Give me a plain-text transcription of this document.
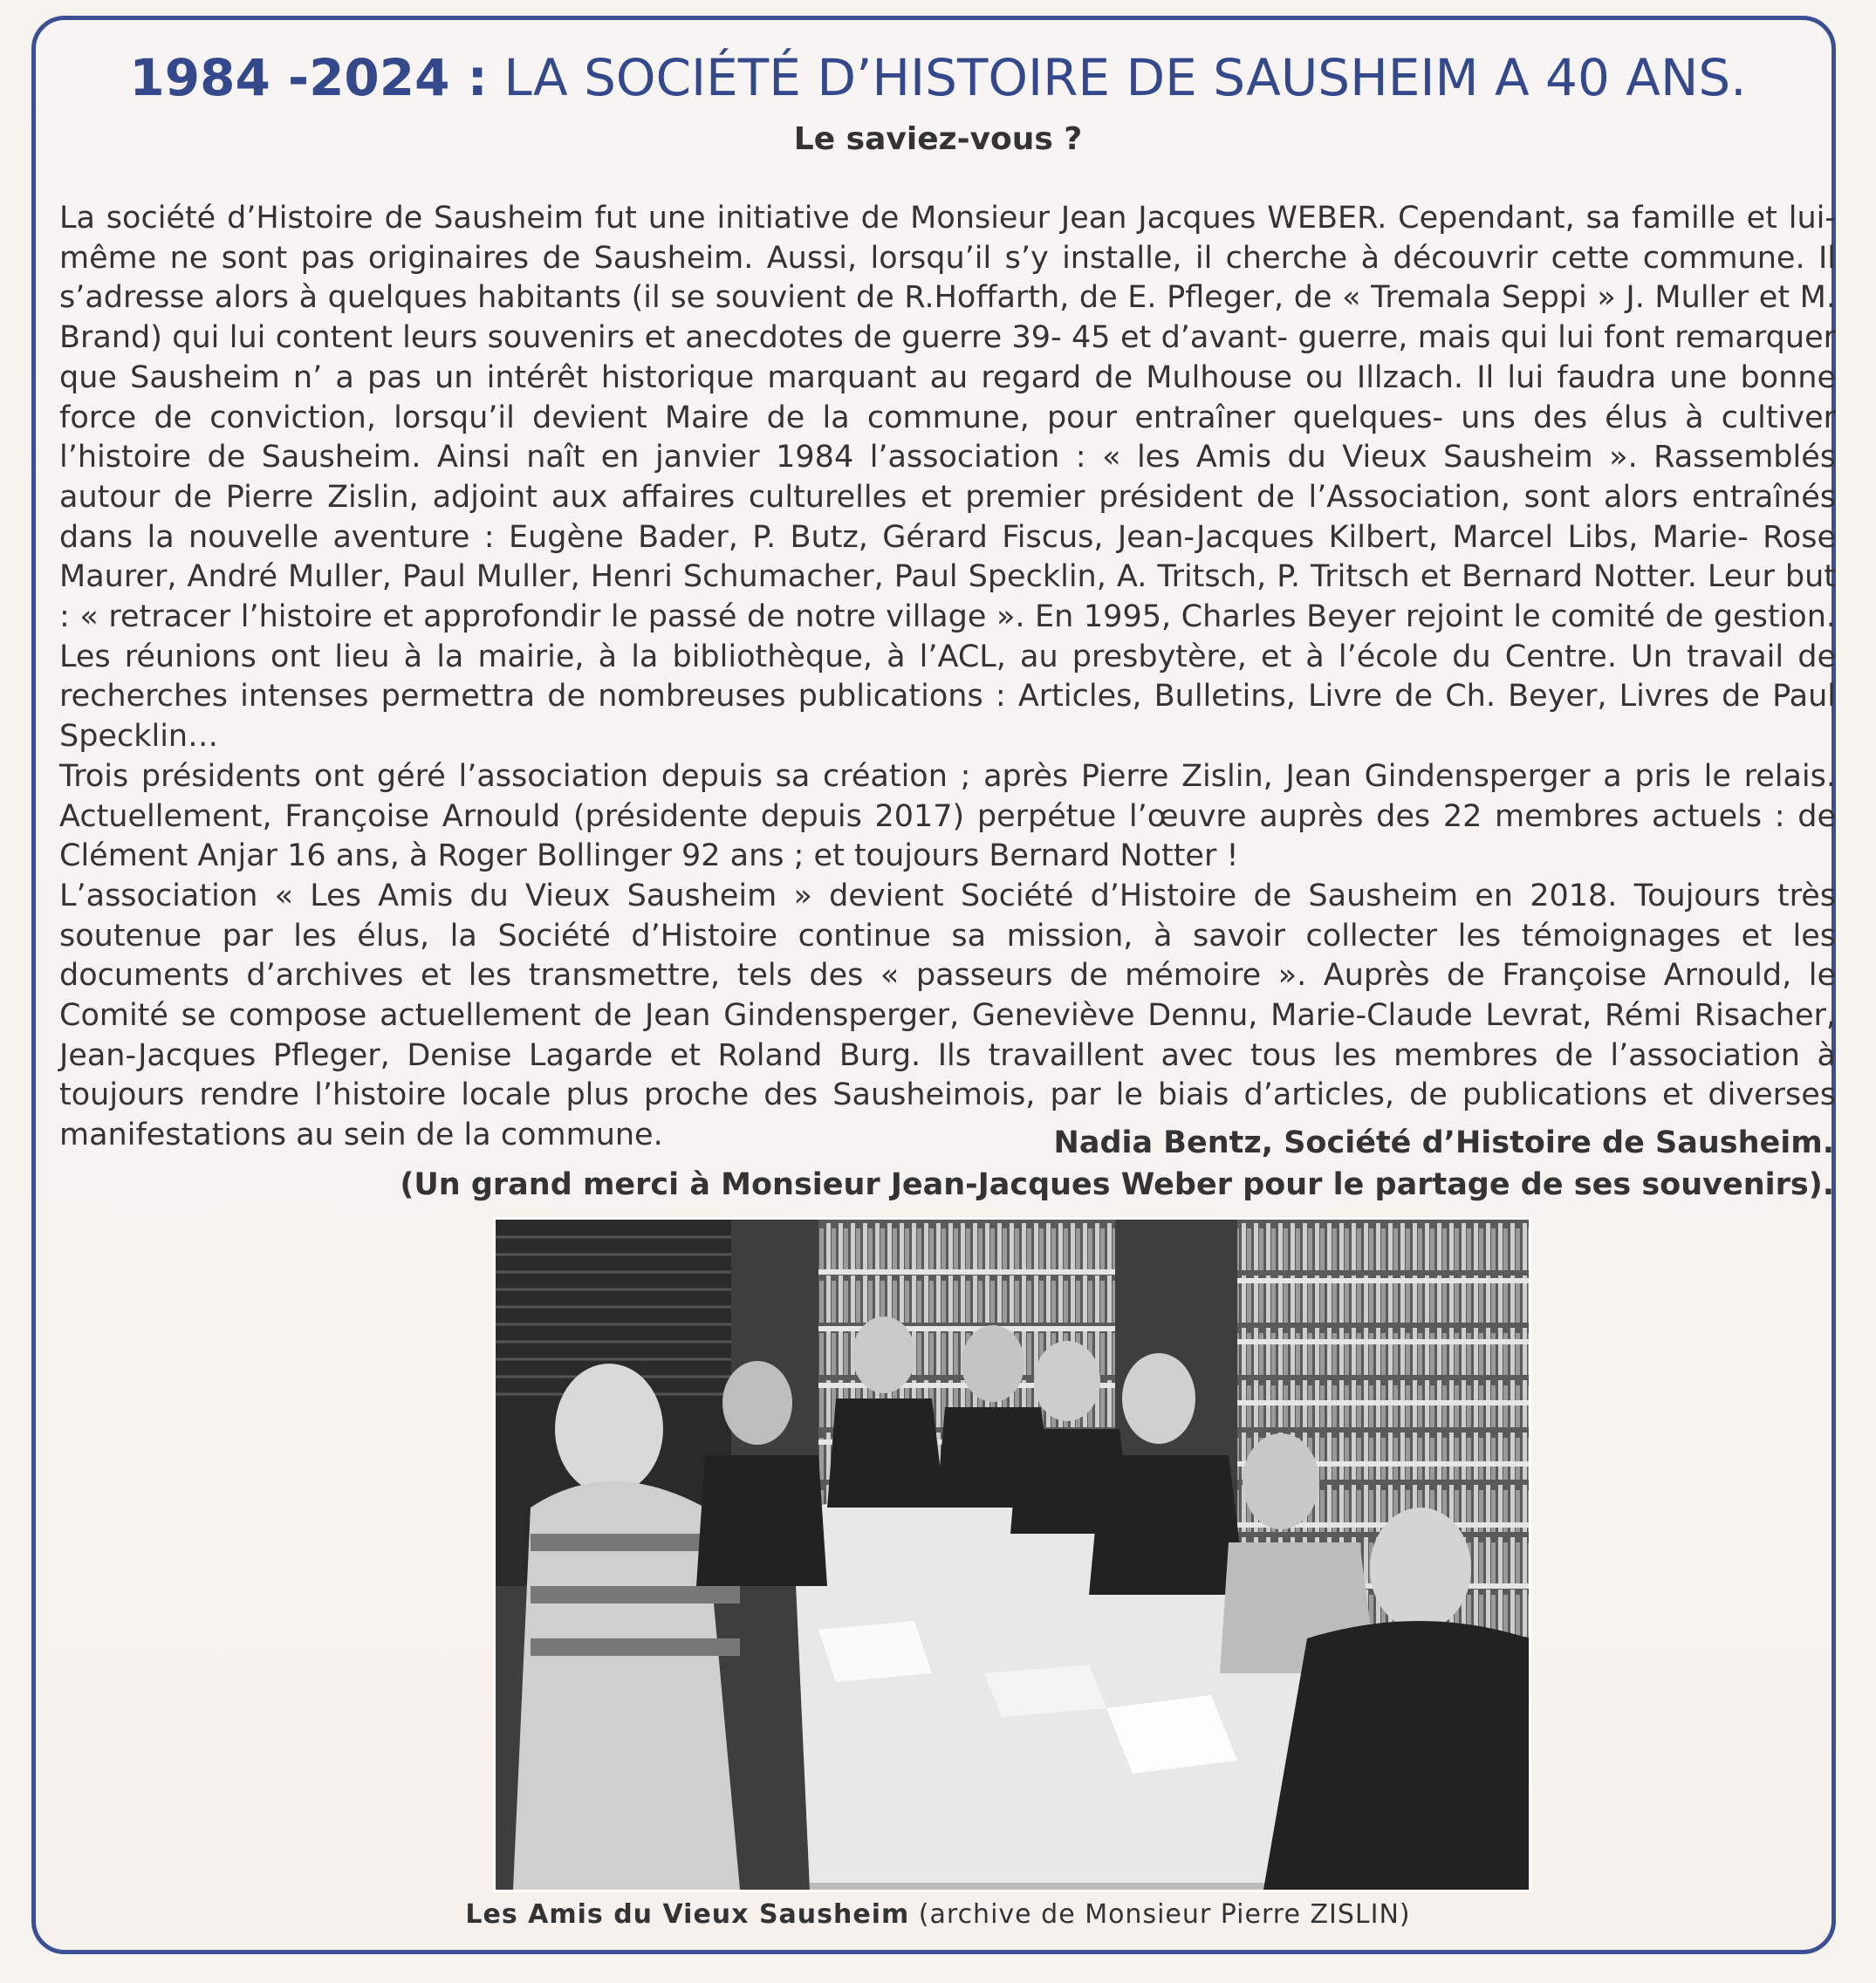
1984 -2024 : LA SOCIÉTÉ D’HISTOIRE DE SAUSHEIM A 40 ANS.
Le saviez-vous ?

La société d’Histoire de Sausheim fut une initiative de Monsieur Jean Jacques WEBER. Cependant, sa famille et lui-même ne sont pas originaires de Sausheim. Aussi, lorsqu’il s’y installe, il cherche à découvrir cette commune. Il s’adresse alors à quelques habitants (il se souvient de R.Hoffarth, de E. Pfleger, de « Tremala Seppi » J. Muller et M. Brand) qui lui content leurs souvenirs et anecdotes de guerre 39- 45 et d’avant- guerre, mais qui lui font remarquer que Sausheim n’ a pas un intérêt historique marquant au regard de Mulhouse ou Illzach. Il lui faudra une bonne force de conviction, lorsqu’il devient Maire de la commune, pour entraîner quelques- uns des élus à cultiver l’histoire de Sausheim. Ainsi naît en janvier 1984 l’association : « les Amis du Vieux Sausheim ». Rassemblés autour de Pierre Zislin, adjoint aux affaires culturelles et premier président de l’Association, sont alors entraînés dans la nouvelle aventure : Eugène Bader, P. Butz, Gérard Fiscus, Jean-Jacques Kilbert, Marcel Libs, Marie- Rose Maurer, André Muller, Paul Muller, Henri Schumacher, Paul Specklin, A. Tritsch, P. Tritsch et Bernard Notter. Leur but : « retracer l’histoire et approfondir le passé de notre village ». En 1995, Charles Beyer rejoint le comité de gestion. Les réunions ont lieu à la mairie, à la bibliothèque, à l’ACL, au presbytère, et à l’école du Centre. Un travail de recherches intenses permettra de nombreuses publications : Articles, Bulletins, Livre de Ch. Beyer, Livres de Paul Specklin…

Trois présidents ont géré l’association depuis sa création ; après Pierre Zislin, Jean Gindensperger a pris le relais. Actuellement, Françoise Arnould (présidente depuis 2017) perpétue l’œuvre auprès des 22 membres actuels : de Clément Anjar 16 ans, à Roger Bollinger 92 ans ; et toujours Bernard Notter !

L’association « Les Amis du Vieux Sausheim » devient Société d’Histoire de Sausheim en 2018. Toujours très soutenue par les élus, la Société d’Histoire continue sa mission, à savoir collecter les témoignages et les documents d’archives et les transmettre, tels des « passeurs de mémoire ». Auprès de Françoise Arnould, le Comité se compose actuellement de Jean Gindensperger, Geneviève Dennu, Marie-Claude Levrat, Rémi Risacher, Jean-Jacques Pfleger, Denise Lagarde et Roland Burg. Ils travaillent avec tous les membres de l’association à toujours rendre l’histoire locale plus proche des Sausheimois, par le biais d’articles, de publications et diverses manifestations au sein de la commune.	Nadia Bentz, Société d’Histoire de Sausheim.
(Un grand merci à Monsieur Jean-Jacques Weber pour le partage de ses souvenirs).
Les Amis du Vieux Sausheim (archive de Monsieur Pierre ZISLIN)
